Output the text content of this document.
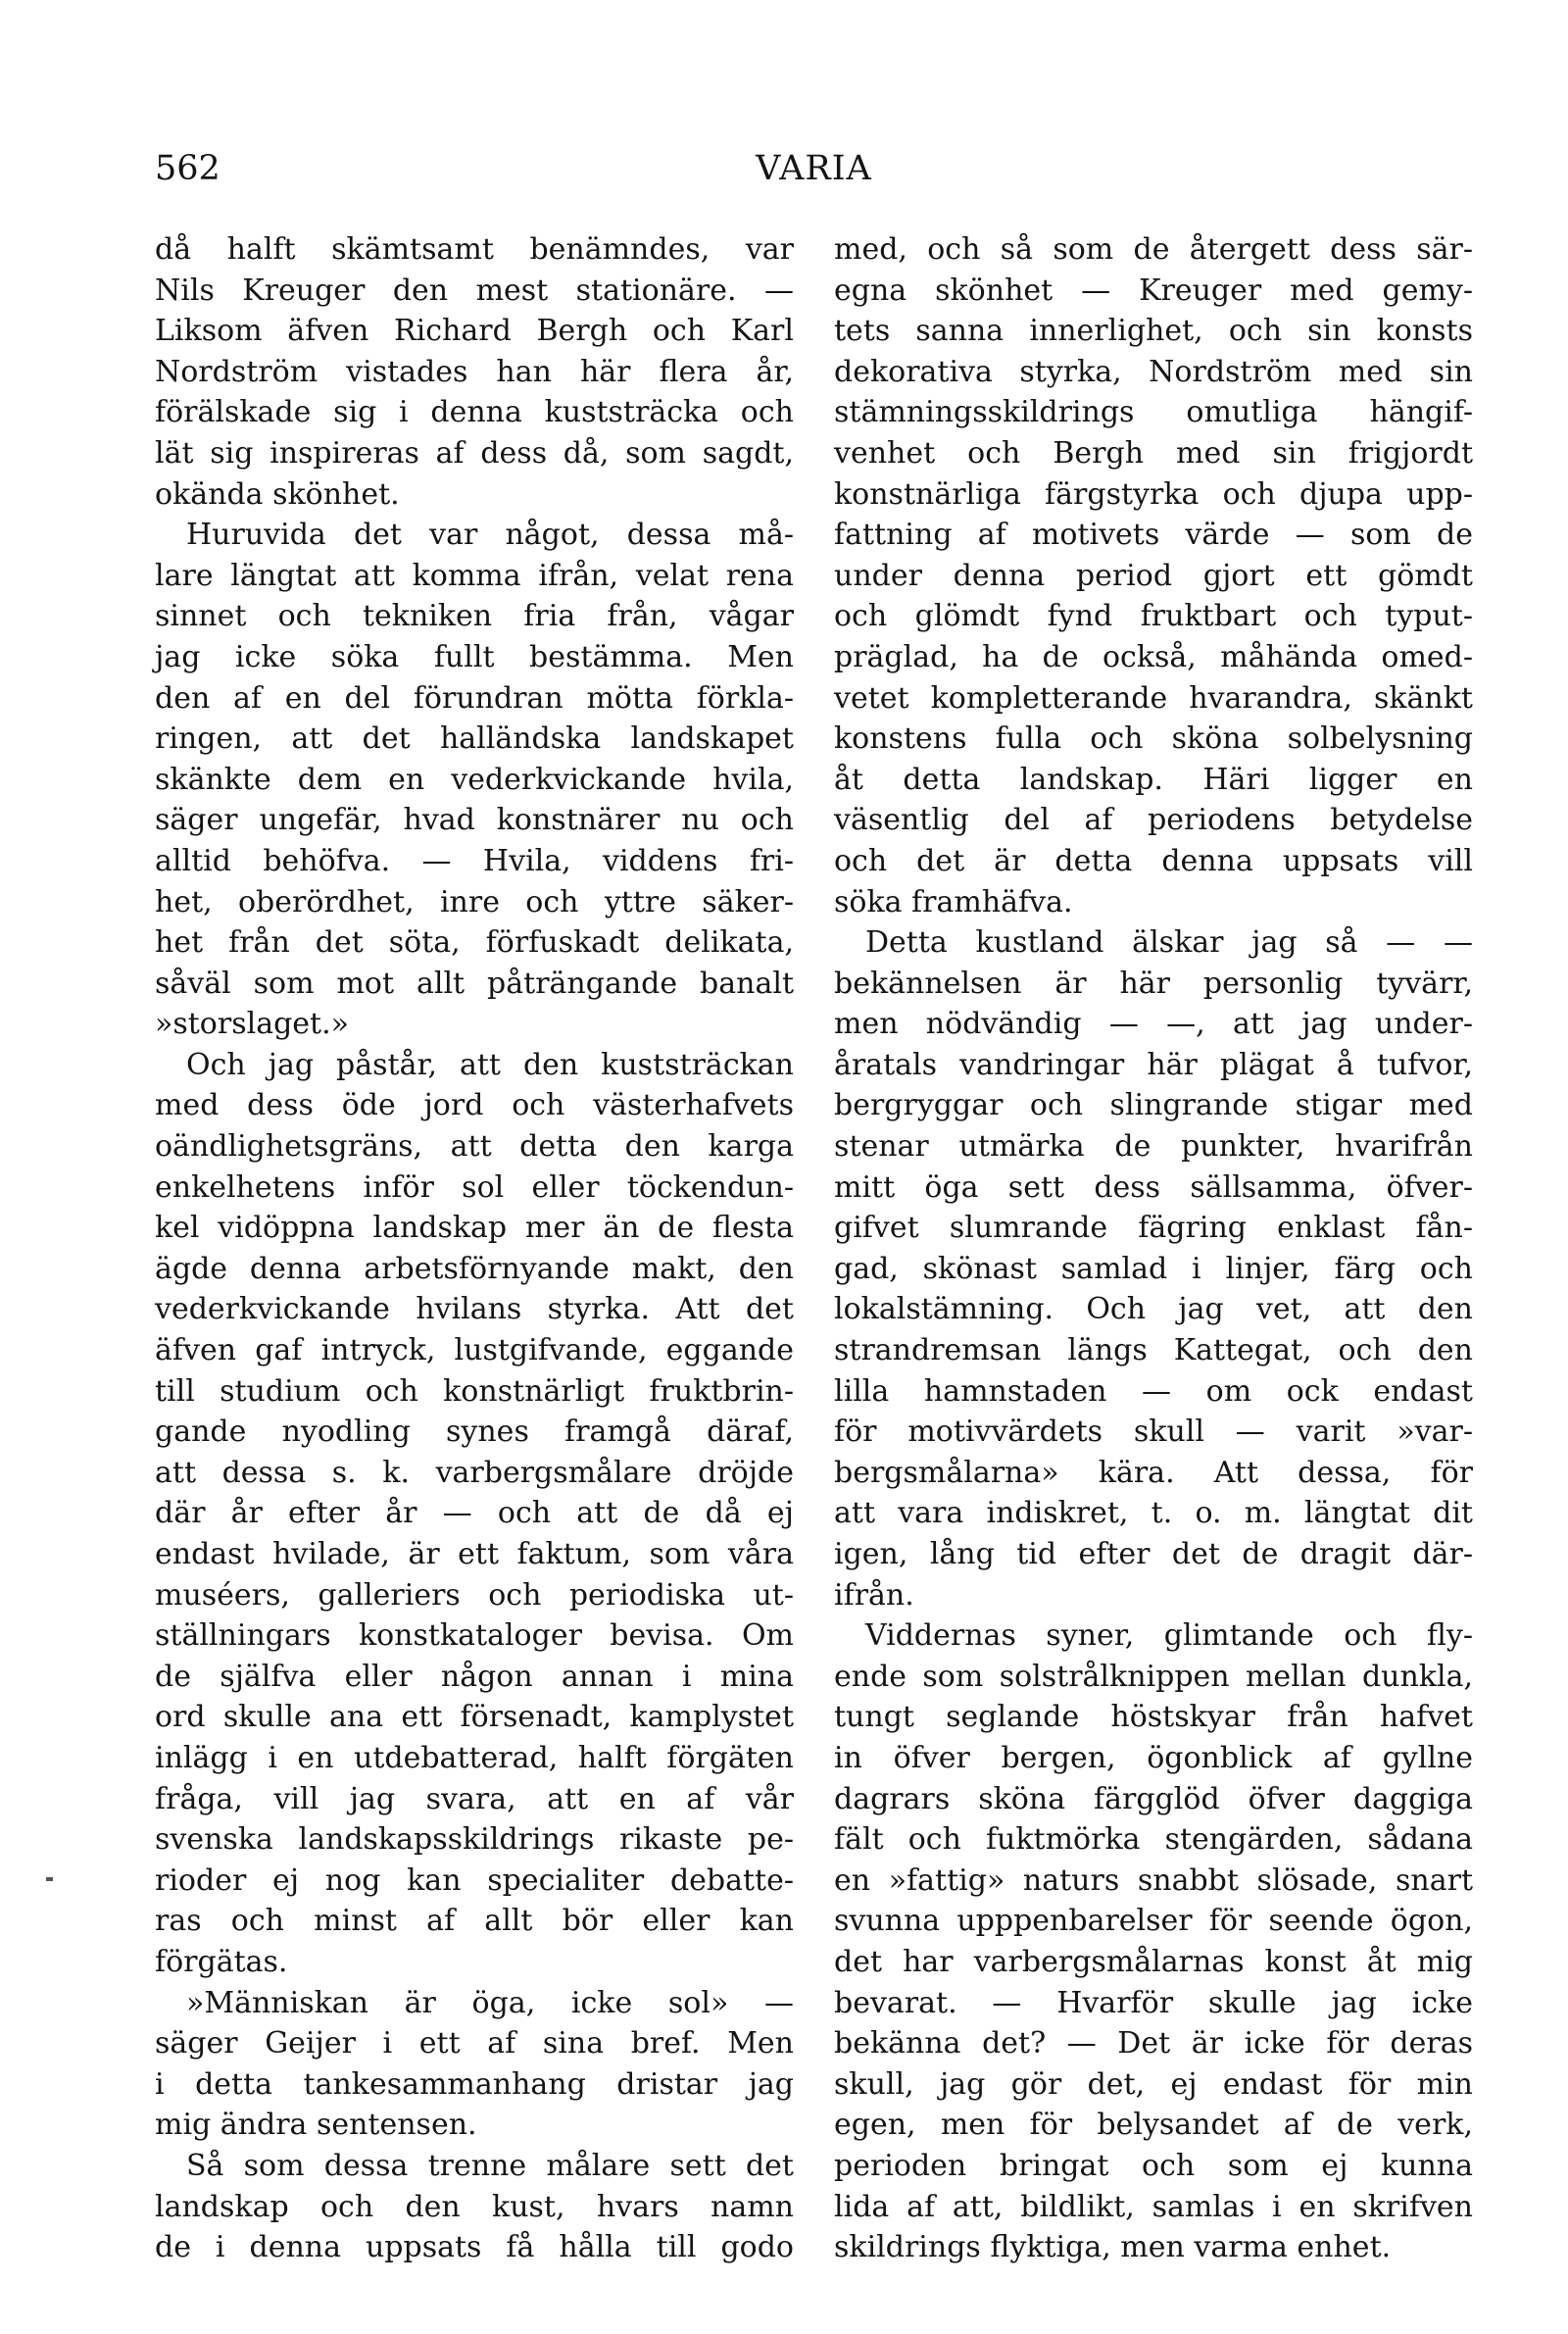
562	VARIA
då halft skämtsamt benämndes, var
Nils Kreuger den mest stationäre. —
Liksom äfven Richard Bergh och Karl
Nordström vistades han här flera år,
förälskade sig i denna kuststräcka och
lät sig inspireras af dess då, som sagdt,
okända skönhet.
Huruvida det var något, dessa må-
lare längtat att komma ifrån, velat rena
sinnet och tekniken fria från, vågar
jag icke söka fullt bestämma. Men
den af en del förundran mötta förkla-
ringen, att det halländska landskapet
skänkte dem en vederkvickande hvila,
säger ungefär, hvad konstnärer nu och
alltid behöfva. — Hvila, viddens fri-
het, oberördhet, inre och yttre säker-
het från det söta, förfuskadt delikata,
såväl som mot allt påträngande banalt
»storslaget.»
Och jag påstår, att den kuststräckan
med dess öde jord och västerhafvets
oändlighetsgräns, att detta den karga
enkelhetens inför sol eller töckendun-
kel vidöppna landskap mer än de flesta
ägde denna arbetsförnyande makt, den
vederkvickande hvilans styrka. Att det
äfven gaf intryck, lustgifvande, eggande
till studium och konstnärligt fruktbrin-
gande nyodling synes framgå däraf,
att dessa s. k. varbergsmålare dröjde
där år efter år — och att de då ej
endast hvilade, är ett faktum, som våra
muséers, galleriers och periodiska ut-
ställningars konstkataloger bevisa. Om
de själfva eller någon annan i mina
ord skulle ana ett försenadt, kamplystet
inlägg i en utdebatterad, halft förgäten
fråga, vill jag svara, att en af vår
svenska landskapsskildrings rikaste pe-
rioder ej nog kan specialiter debatte-
ras och minst af allt bör eller kan
förgätas.
»Människan är öga, icke sol» —
säger Geijer i ett af sina bref. Men
i detta tankesammanhang dristar jag
mig ändra sentensen.
Så som dessa trenne målare sett det
landskap och den kust, hvars namn
de i denna uppsats få hålla till godo
med, och så som de återgett dess sär-
egna skönhet — Kreuger med gemy-
tets sanna innerlighet, och sin konsts
dekorativa styrka, Nordström med sin
stämningsskildrings omutliga hängif-
venhet och Bergh med sin frigjordt
konstnärliga färgstyrka och djupa upp-
fattning af motivets värde — som de
under denna period gjort ett gömdt
och glömdt fynd fruktbart och typut-
präglad, ha de också, måhända omed-
vetet kompletterande hvarandra, skänkt
konstens fulla och sköna solbelysning
åt detta landskap. Häri ligger en
väsentlig del af periodens betydelse
och det är detta denna uppsats vill
söka framhäfva.
Detta kustland älskar jag så — —
bekännelsen är här personlig tyvärr,
men nödvändig — —, att jag under-
åratals vandringar här plägat å tufvor,
bergryggar och slingrande stigar med
stenar utmärka de punkter, hvarifrån
mitt öga sett dess sällsamma, öfver-
gifvet slumrande fägring enklast fån-
gad, skönast samlad i linjer, färg och
lokalstämning. Och jag vet, att den
strandremsan längs Kattegat, och den
lilla hamnstaden — om ock endast
för motivvärdets skull — varit »var-
bergsmålarna» kära. Att dessa, för
att vara indiskret, t. o. m. längtat dit
igen, lång tid efter det de dragit där-
ifrån.
Viddernas syner, glimtande och fly-
ende som solstrålknippen mellan dunkla,
tungt seglande höstskyar från hafvet
in öfver bergen, ögonblick af gyllne
dagrars sköna färgglöd öfver daggiga
fält och fuktmörka stengärden, sådana
en »fattig» naturs snabbt slösade, snart
svunna upppenbarelser för seende ögon,
det har varbergsmålarnas konst åt mig
bevarat. — Hvarför skulle jag icke
bekänna det? — Det är icke för deras
skull, jag gör det, ej endast för min
egen, men för belysandet af de verk,
perioden bringat och som ej kunna
lida af att, bildlikt, samlas i en skrifven
skildrings flyktiga, men varma enhet.
